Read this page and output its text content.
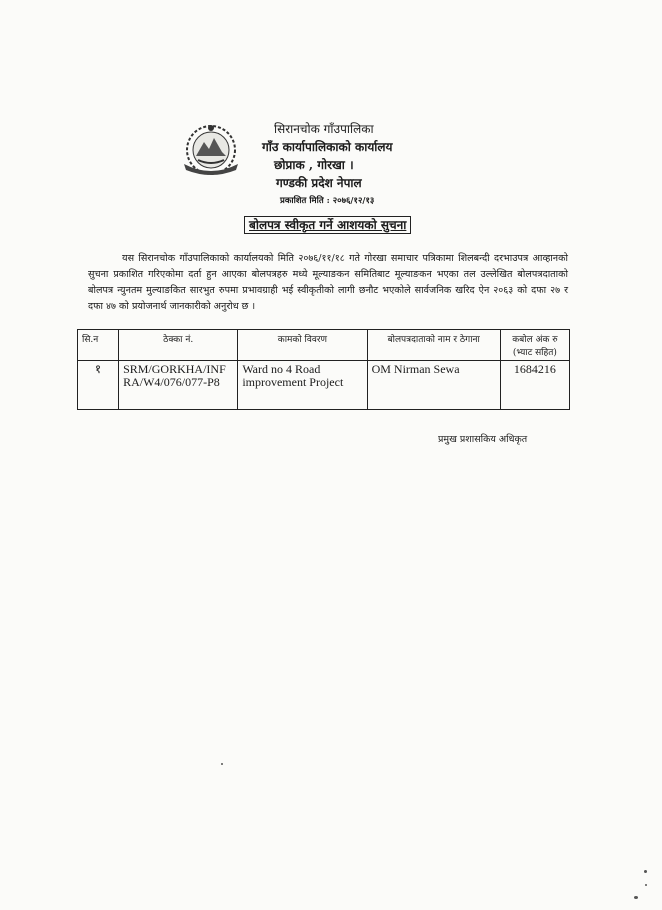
सिरानचोक गाँउपालिका
गाँउ कार्यापालिकाको कार्यालय
छोप्राक , गोरखा ।
गण्डकी प्रदेश नेपाल
प्रकाशित मिति : २०७६/१२/१३
बोलपत्र स्वीकृत गर्ने आशयको सुचना
यस सिरानचोक गाँउपालिकाको कार्यालयको मिति २०७६/११/१८ गते गोरखा समाचार पत्रिकामा शिलबन्दी दरभाउपत्र आव्हानको सुचना प्रकाशित गरिएकोमा दर्ता हुन आएका बोलपत्रहरु मध्ये मूल्याङकन समितिबाट मूल्याङकन भएका तल उल्लेखित बोलपत्रदाताको बोलपत्र न्युनतम मुल्याङकित सारभुत रुपमा प्रभावग्राही भई स्वीकृतीको लागी छनौट भएकोले सार्वजनिक खरिद ऐन २०६३ को दफा २७ र दफा ४७ को प्रयोजनार्थ जानकारीको अनुरोध छ ।
सि.न	ठेक्का नं.	कामको विवरण	बोलपत्रदाताको नाम र ठेगाना	कबोल अंक रु (भ्याट सहित)
१	SRM/GORKHA/INFRA/W4/076/077-P8	Ward no 4 Road improvement Project	OM Nirman Sewa	1684216
प्रमुख प्रशासकिय अधिकृत
